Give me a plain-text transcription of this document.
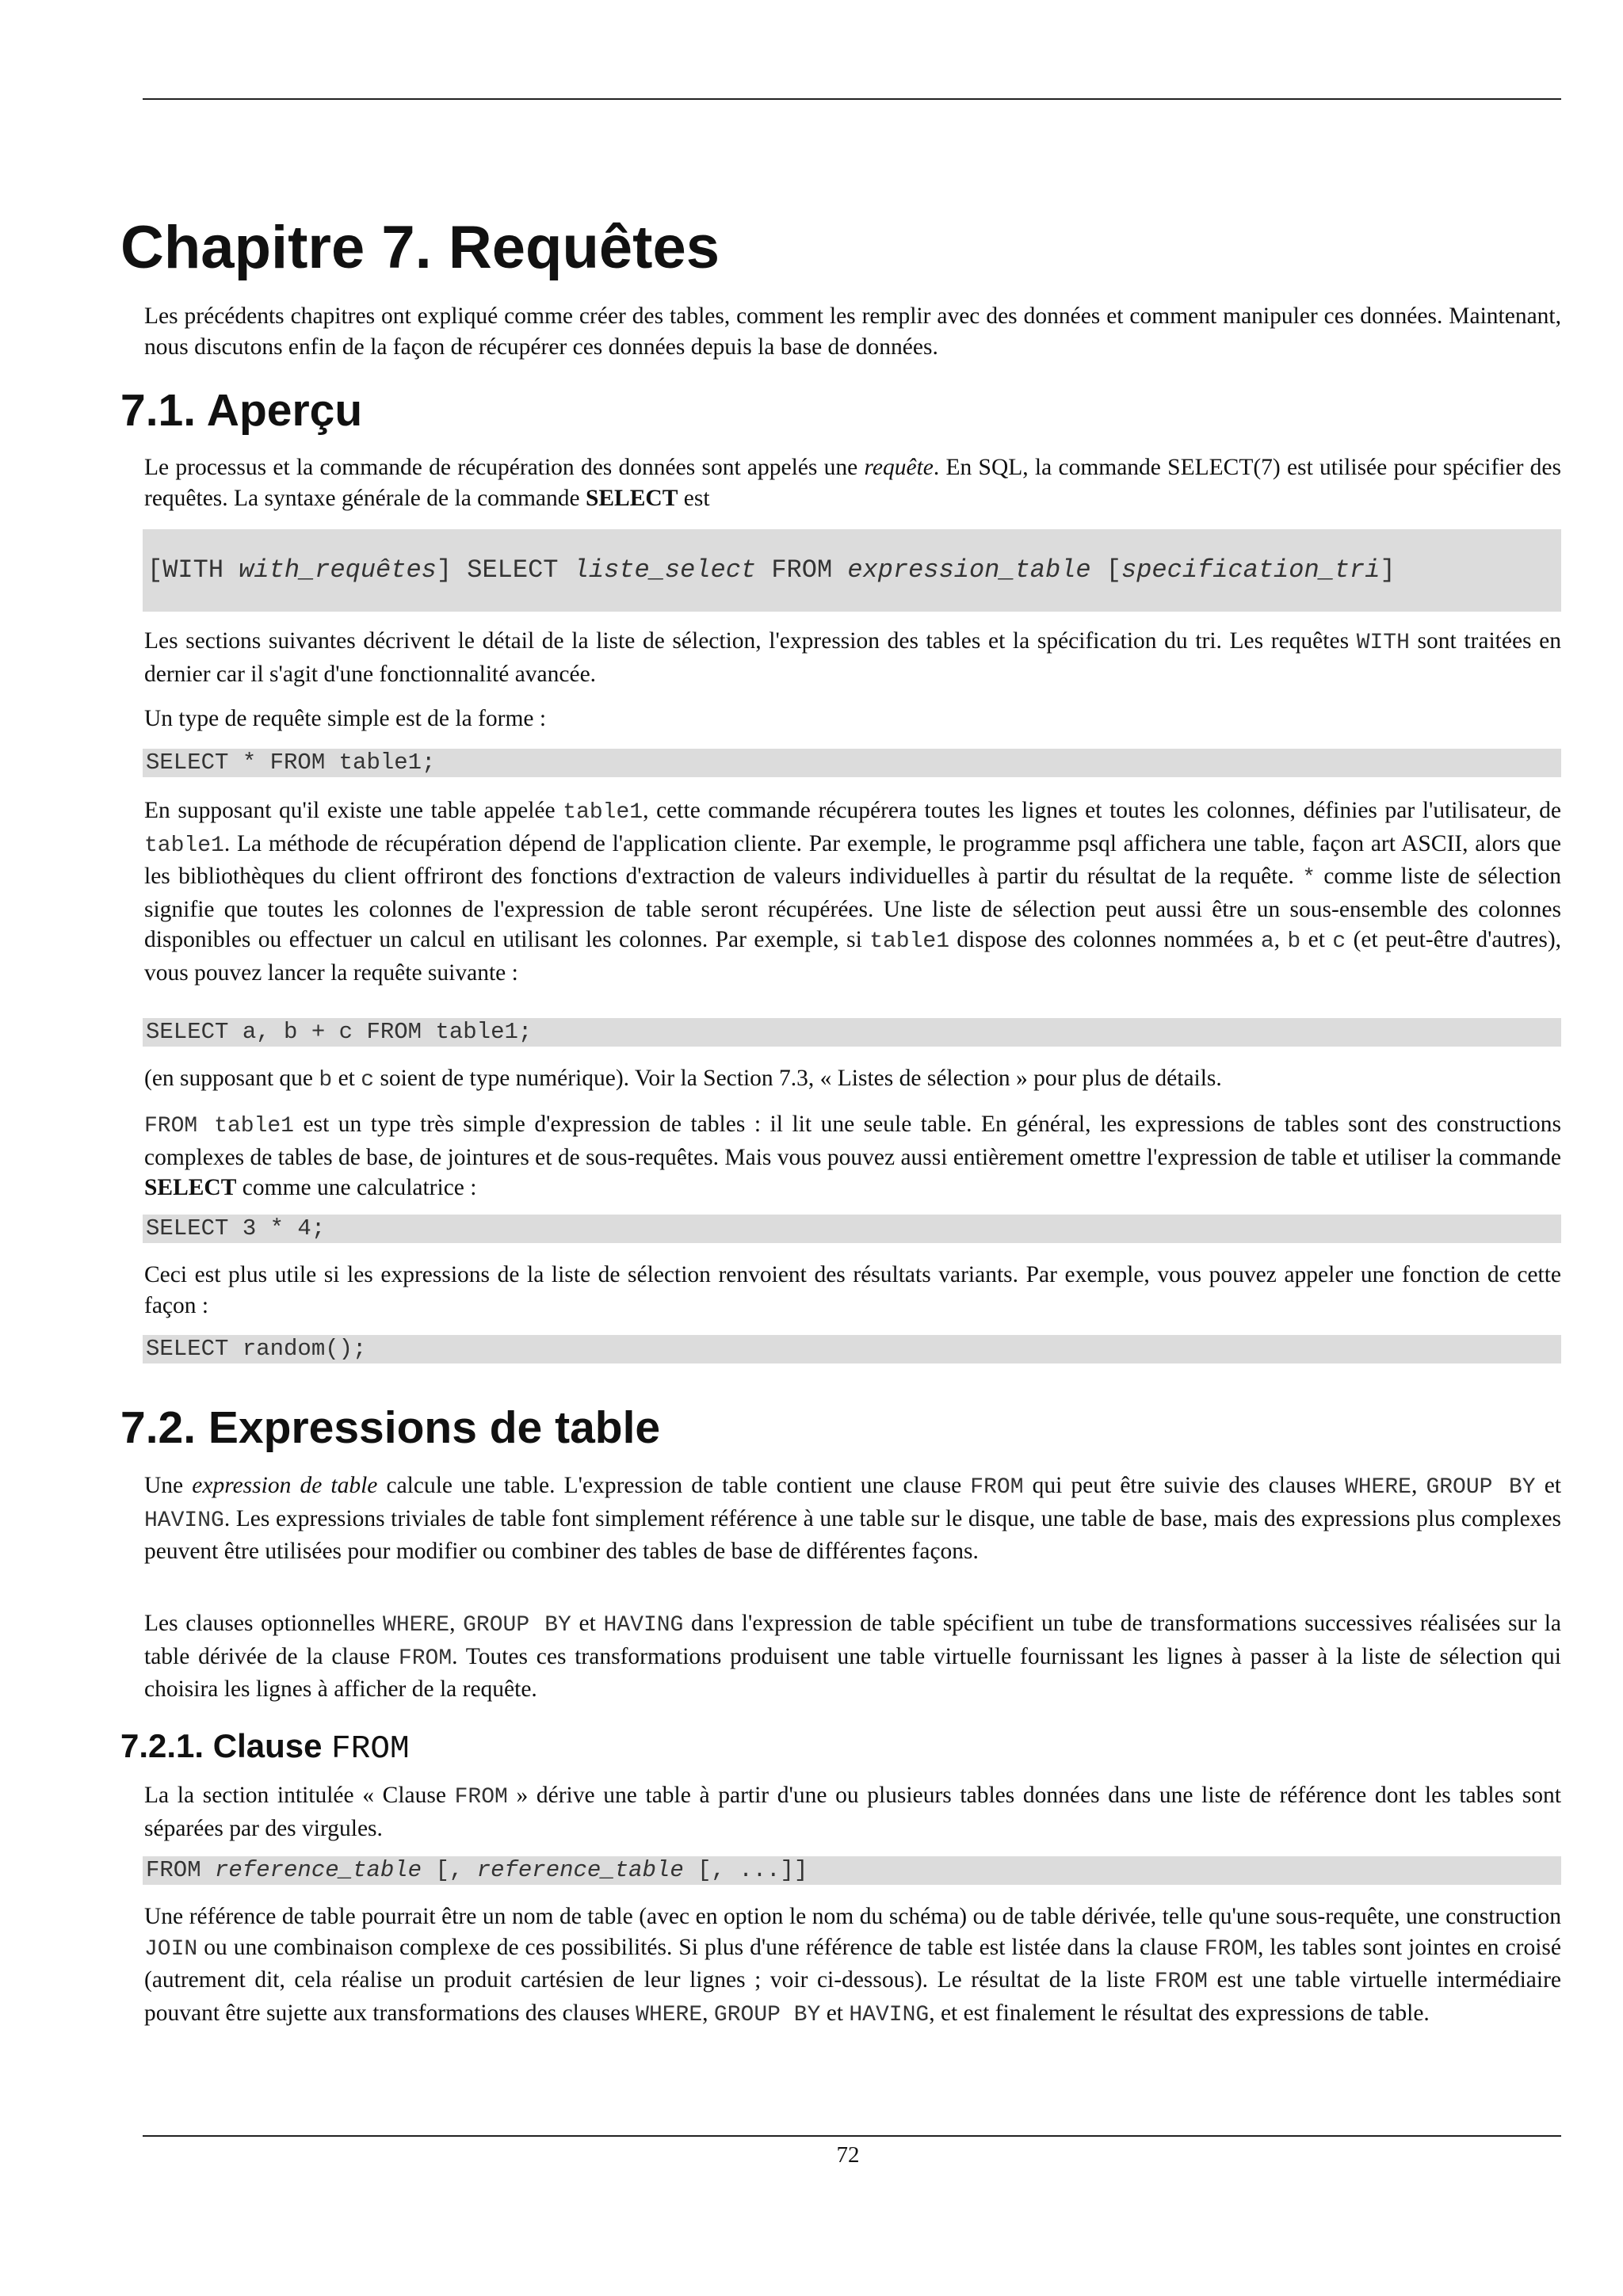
Chapitre 7. Requêtes

Les précédents chapitres ont expliqué comme créer des tables, comment les remplir avec des données et comment manipuler ces données. Maintenant, nous discutons enfin de la façon de récupérer ces données depuis la base de données.

7.1. Aperçu

Le processus et la commande de récupération des données sont appelés une requête. En SQL, la commande SELECT(7) est utilisée pour spécifier des requêtes. La syntaxe générale de la commande SELECT est

[WITH with_requêtes] SELECT liste_select FROM expression_table [specification_tri]

Les sections suivantes décrivent le détail de la liste de sélection, l'expression des tables et la spécification du tri. Les requêtes WITH sont traitées en dernier car il s'agit d'une fonctionnalité avancée.

Un type de requête simple est de la forme :

SELECT * FROM table1;

En supposant qu'il existe une table appelée table1, cette commande récupérera toutes les lignes et toutes les colonnes, définies par l'utilisateur, de table1. La méthode de récupération dépend de l'application cliente. Par exemple, le programme psql affichera une table, façon art ASCII, alors que les bibliothèques du client offriront des fonctions d'extraction de valeurs individuelles à partir du résultat de la requête. * comme liste de sélection signifie que toutes les colonnes de l'expression de table seront récupérées. Une liste de sélection peut aussi être un sous-ensemble des colonnes disponibles ou effectuer un calcul en utilisant les colonnes. Par exemple, si table1 dispose des colonnes nommées a, b et c (et peut-être d'autres), vous pouvez lancer la requête suivante :

SELECT a, b + c FROM table1;

(en supposant que b et c soient de type numérique). Voir la Section 7.3, « Listes de sélection » pour plus de détails.

FROM table1 est un type très simple d'expression de tables : il lit une seule table. En général, les expressions de tables sont des constructions complexes de tables de base, de jointures et de sous-requêtes. Mais vous pouvez aussi entièrement omettre l'expression de table et utiliser la commande SELECT comme une calculatrice :

SELECT 3 * 4;

Ceci est plus utile si les expressions de la liste de sélection renvoient des résultats variants. Par exemple, vous pouvez appeler une fonction de cette façon :

SELECT random();
7.2. Expressions de table

Une expression de table calcule une table. L'expression de table contient une clause FROM qui peut être suivie des clauses WHERE, GROUP BY et HAVING. Les expressions triviales de table font simplement référence à une table sur le disque, une table de base, mais des expressions plus complexes peuvent être utilisées pour modifier ou combiner des tables de base de différentes façons.

Les clauses optionnelles WHERE, GROUP BY et HAVING dans l'expression de table spécifient un tube de transformations successives réalisées sur la table dérivée de la clause FROM. Toutes ces transformations produisent une table virtuelle fournissant les lignes à passer à la liste de sélection qui choisira les lignes à afficher de la requête.

7.2.1. Clause FROM

La la section intitulée « Clause FROM » dérive une table à partir d'une ou plusieurs tables données dans une liste de référence dont les tables sont séparées par des virgules.

FROM reference_table [, reference_table [, ...]]

Une référence de table pourrait être un nom de table (avec en option le nom du schéma) ou de table dérivée, telle qu'une sous-requête, une construction JOIN ou une combinaison complexe de ces possibilités. Si plus d'une référence de table est listée dans la clause FROM, les tables sont jointes en croisé (autrement dit, cela réalise un produit cartésien de leur lignes ; voir ci-dessous). Le résultat de la liste FROM est une table virtuelle intermédiaire pouvant être sujette aux transformations des clauses WHERE, GROUP BY et HAVING, et est finalement le résultat des expressions de table.

72
